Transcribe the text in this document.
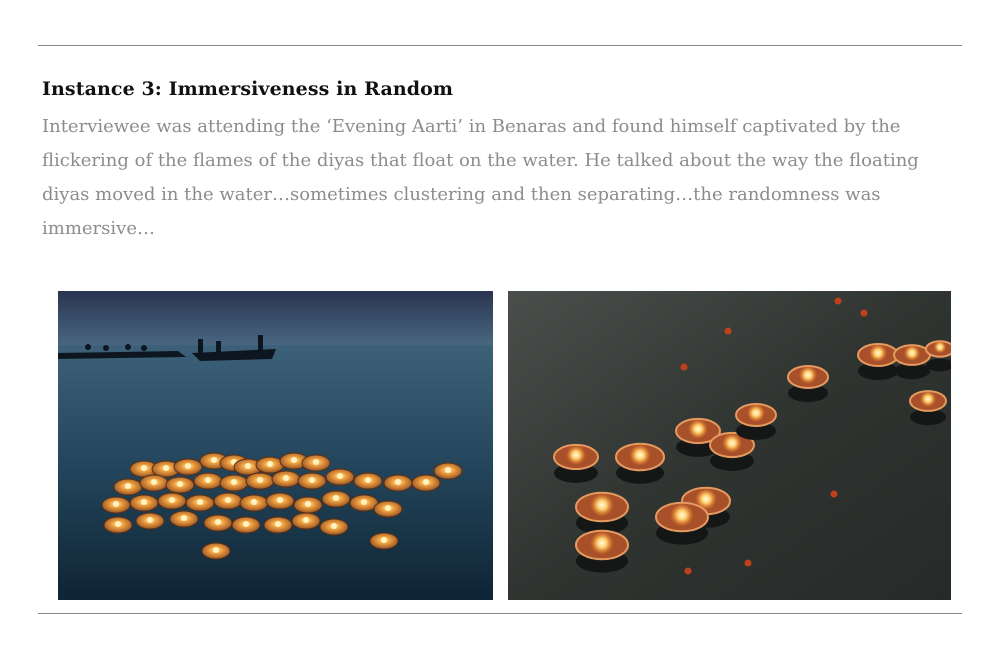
Instance 3: Immersiveness in Random
Interviewee was attending the ‘Evening Aarti’ in Benaras and found himself captivated by the flickering of the flames of the diyas that float on the water. He talked about the way the floating diyas moved in the water…sometimes clustering and then separating…the randomness was immersive…
